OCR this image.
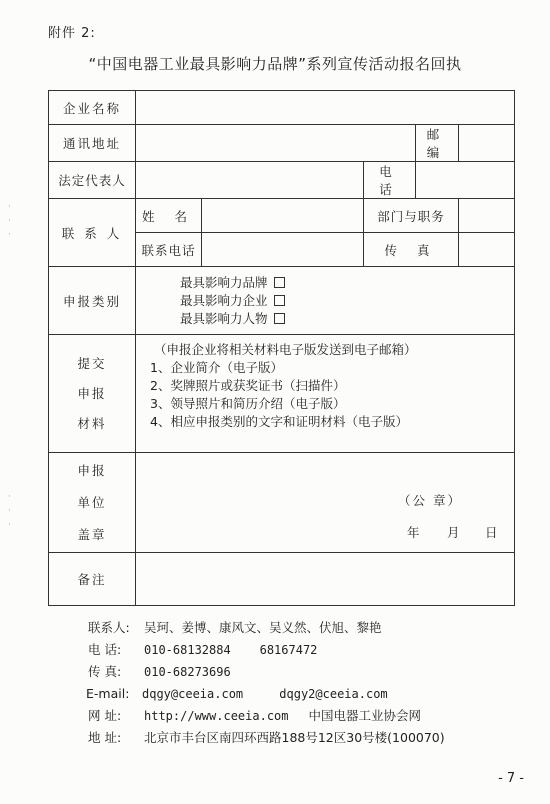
附件 2:
“中国电器工业最具影响力品牌”系列宣传活动报名回执
·
·
·
·
·
·
企业名称					
通讯地址				邮 编	
法定代表人			电 话		
联 系 人	姓 名		部门与职务		
	联系电话		传 真		
申报类别	最具影响力品牌
最具影响力企业
最具影响力人物				

提交
申报
材料	（申报企业将相关材料电子版发送到电子邮箱）
1、企业简介（电子版）
2、奖牌照片或获奖证书（扫描件）
3、领导照片和简历介绍（电子版）
4、相应申报类别的文字和证明材料（电子版）				

申报
单位
盖章	（公 章）
年 月 日				

备注					
联系人: 吴珂、姜博、康风文、吴义然、伏旭、黎艳
电 话: 010-68132884    68167472
传 真: 010-68273696
E-mail: dqgy@ceeia.com     dqgy2@ceeia.com
网 址: http://www.ceeia.com 中国电器工业协会网
地 址: 北京市丰台区南四环西路188号12区30号楼(100070)
- 7 -
